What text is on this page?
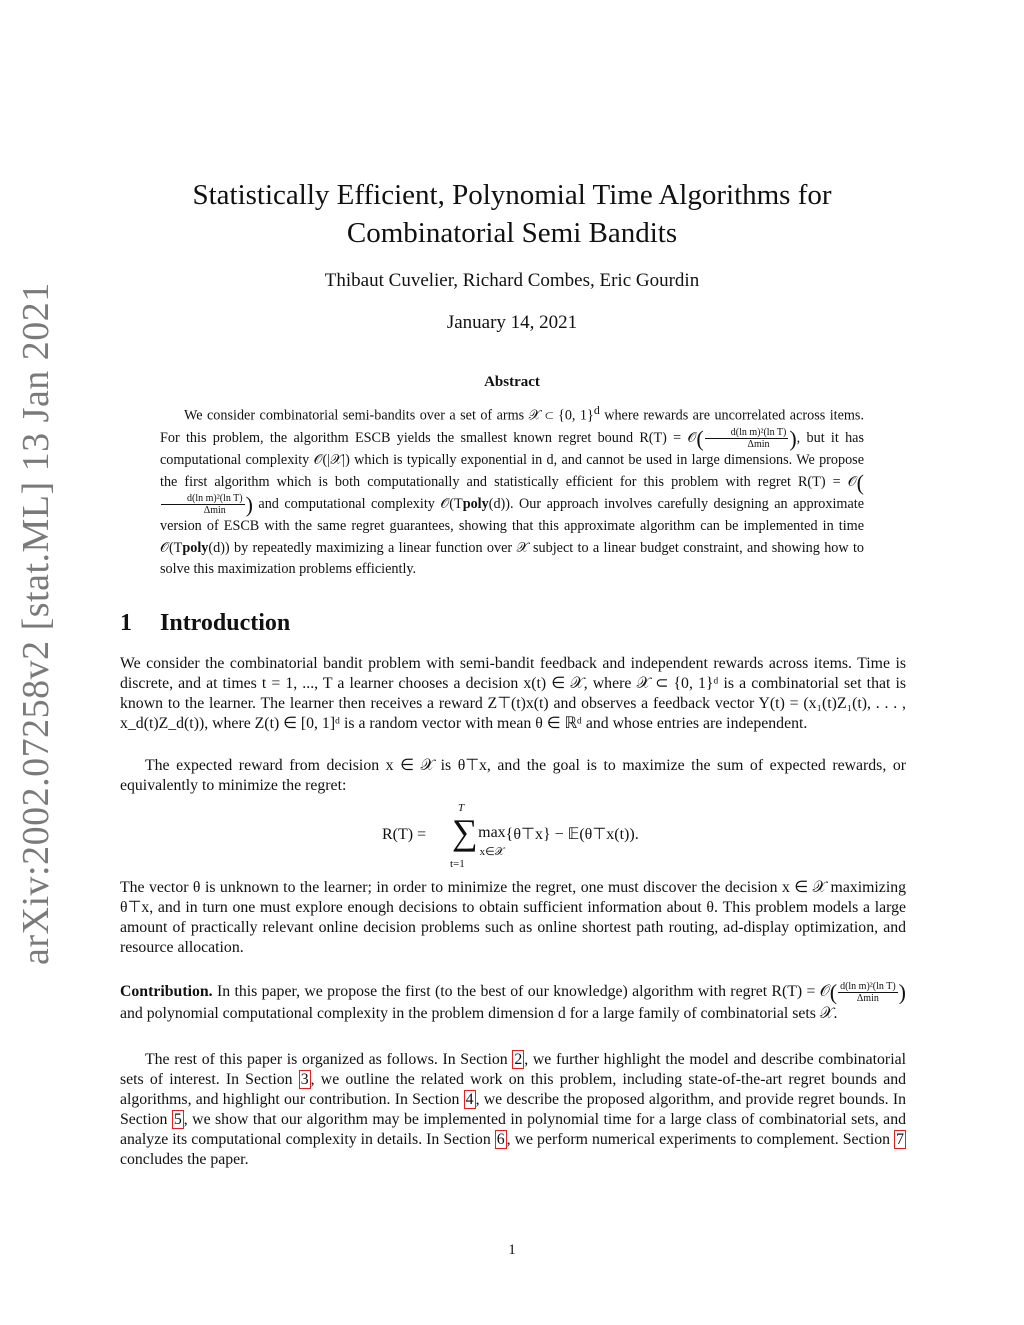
arXiv:2002.07258v2 [stat.ML] 13 Jan 2021
Statistically Efficient, Polynomial Time Algorithms for
Combinatorial Semi Bandits
Thibaut Cuvelier, Richard Combes, Eric Gourdin
January 14, 2021
Abstract

We consider combinatorial semi-bandits over a set of arms 𝒳 ⊂ {0, 1}$^d$ where rewards are uncorrelated across items. For this problem, the algorithm ESCB yields the smallest known regret bound R(T) = 𝒪( $\frac{\text{d(ln m)²(ln T)}}{\Delta\min}$ ), but it has computational complexity 𝒪(|𝒳|) which is typically exponential in d, and cannot be used in large dimensions. We propose the first algorithm which is both computationally and statistically efficient for this problem with regret R(T) = 𝒪(
$\frac{\text{d(ln m)²(ln T)}}{\Delta\min}$ ) and computational complexity 𝒪(Tpoly(d)). Our approach involves carefully designing an approximate version of ESCB with the same regret guarantees, showing that this approximate algorithm can be implemented in time 𝒪(Tpoly(d)) by repeatedly maximizing a linear function over 𝒳 subject to a linear budget constraint, and showing how to solve this maximization problems efficiently.

1 Introduction

We consider the combinatorial bandit problem with semi-bandit feedback and independent rewards across items. Time is discrete, and at times t = 1, ..., T a learner chooses a decision x(t) ∈ 𝒳, where 𝒳 ⊂ {0, 1}ᵈ is a combinatorial set that is known to the learner. The learner then receives a reward Z⊤(t)x(t) and observes a feedback vector Y(t) = (x₁(t)Z₁(t), . . . , x_d(t)Z_d(t)), where Z(t) ∈ [0, 1]ᵈ is a random vector with mean θ ∈ ℝᵈ and whose entries are independent.

The expected reward from decision x ∈ 𝒳 is θ⊤x, and the goal is to maximize the sum of expected rewards, or equivalently to minimize the regret:

R(T) =
T
∑
t=1
max
x∈𝒳{θ⊤x} − 𝔼(θ⊤x(t)).

The vector θ is unknown to the learner; in order to minimize the regret, one must discover the decision x ∈ 𝒳 maximizing θ⊤x, and in turn one must explore enough decisions to obtain sufficient information about θ. This problem models a large amount of practically relevant online decision problems such as online shortest path routing, ad-display optimization, and resource allocation.

Contribution. In this paper, we propose the first (to the best of our knowledge) algorithm with regret R(T) = 𝒪( $\frac{\text{d(ln m)²(ln T)}}{\Delta\min}$ ) and polynomial computational complexity in the problem dimension d for a large family of combinatorial sets 𝒳.

The rest of this paper is organized as follows. In Section 2 , we further highlight the model and describe combinatorial sets of interest. In Section 3 , we outline the related work on this problem, including state-of-the-art regret bounds and algorithms, and highlight our contribution. In Section 4 , we describe the proposed algorithm, and provide regret bounds. In Section 5 , we show that our algorithm may be implemented in polynomial time for a large class of combinatorial sets, and analyze its computational complexity in details. In Section 6 , we perform numerical experiments to complement. Section 7 concludes the paper.

1
